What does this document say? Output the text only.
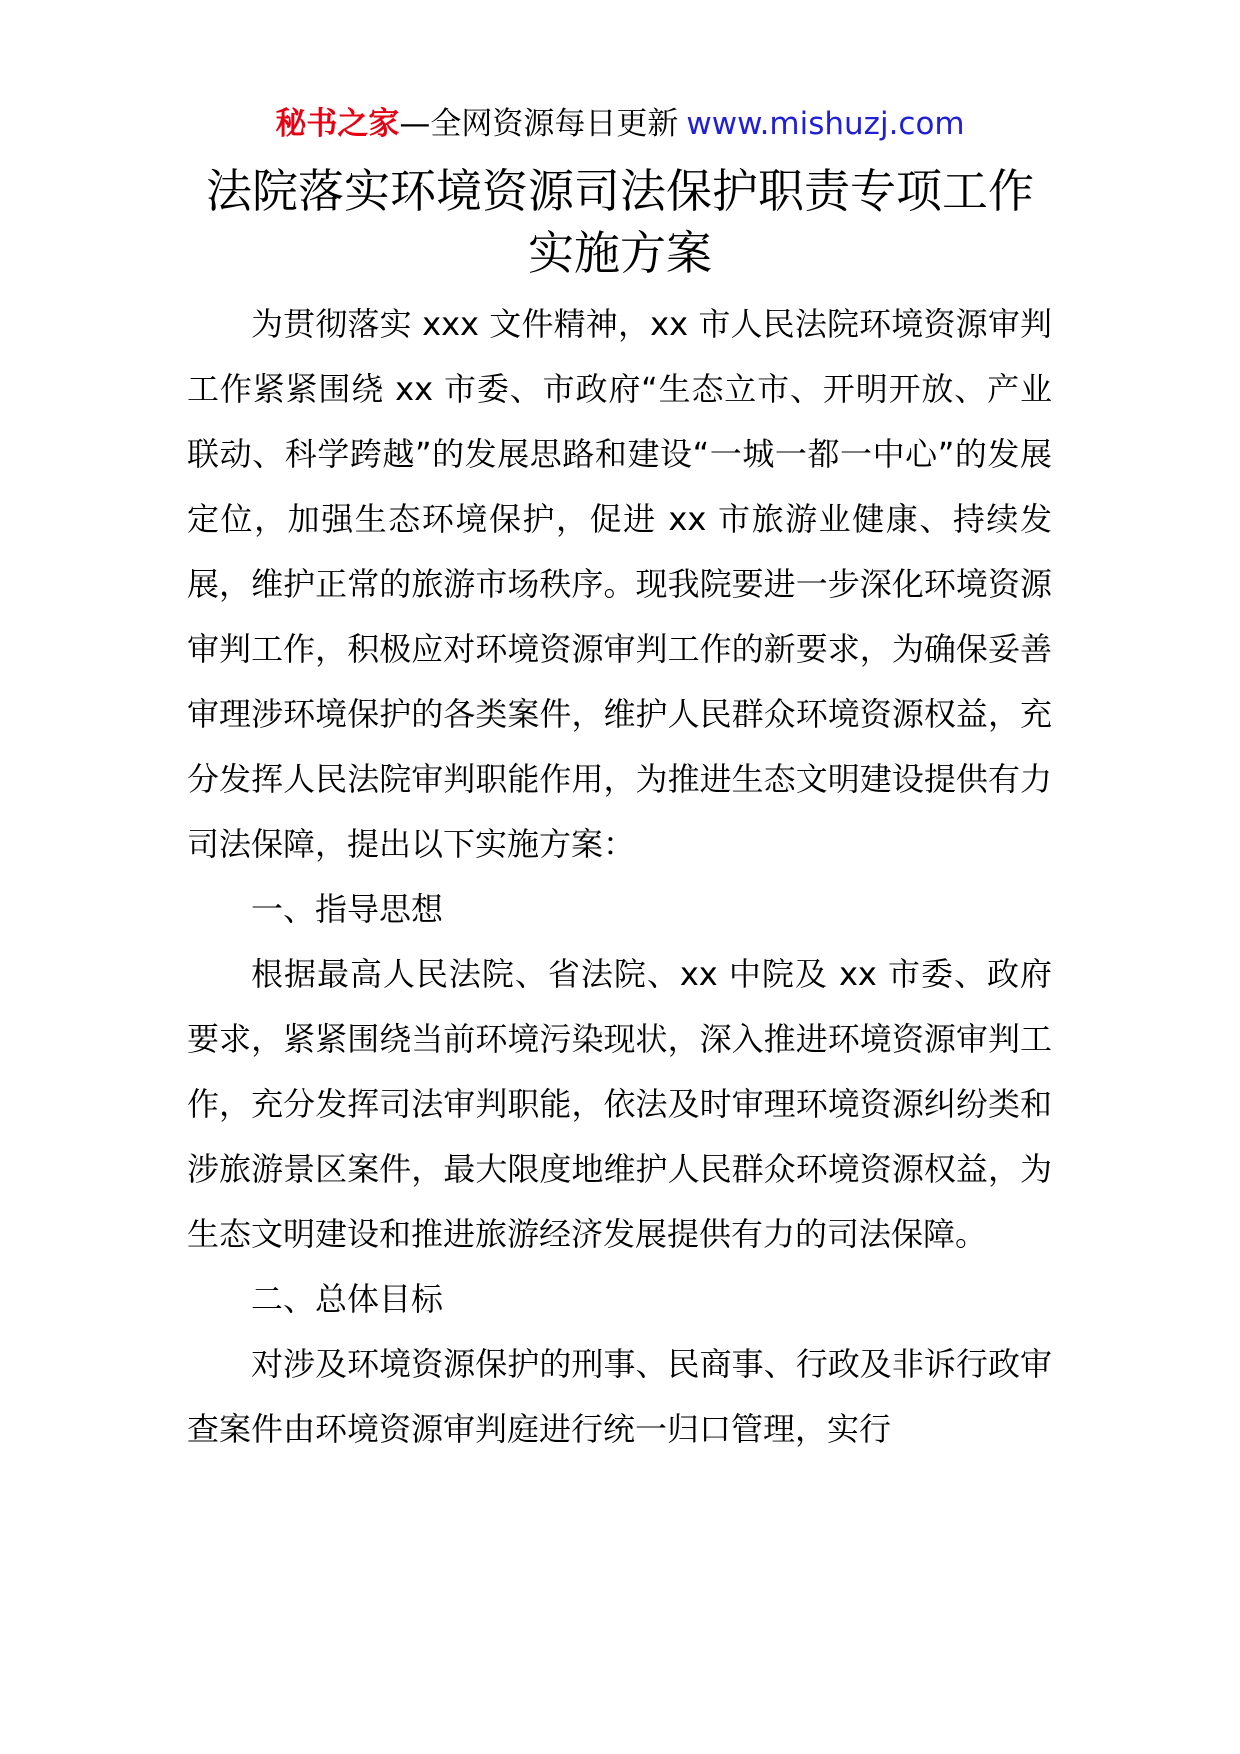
秘书之家—全网资源每日更新 www.mishuzj.com
法院落实环境资源司法保护职责专项工作
实施方案

为贯彻落实 xxx 文件精神，xx 市人民法院环境资源审判工作紧紧围绕 xx 市委、市政府“生态立市、开明开放、产业联动、科学跨越”的发展思路和建设“一城一都一中心”的发展定位，加强生态环境保护，促进 xx 市旅游业健康、持续发展，维护正常的旅游市场秩序。现我院要进一步深化环境资源审判工作，积极应对环境资源审判工作的新要求，为确保妥善审理涉环境保护的各类案件，维护人民群众环境资源权益，充分发挥人民法院审判职能作用，为推进生态文明建设提供有力司法保障，提出以下实施方案：

一、指导思想

根据最高人民法院、省法院、xx 中院及 xx 市委、政府要求，紧紧围绕当前环境污染现状，深入推进环境资源审判工作，充分发挥司法审判职能，依法及时审理环境资源纠纷类和涉旅游景区案件，最大限度地维护人民群众环境资源权益，为生态文明建设和推进旅游经济发展提供有力的司法保障。

二、总体目标

对涉及环境资源保护的刑事、民商事、行政及非诉行政审查案件由环境资源审判庭进行统一归口管理，实行
